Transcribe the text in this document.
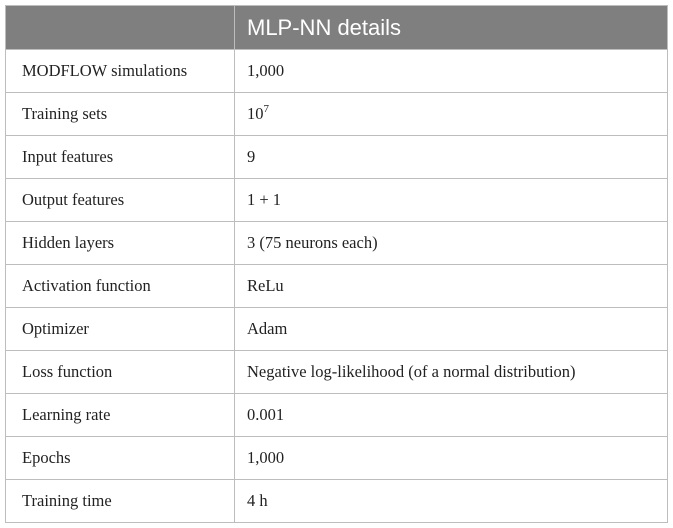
	MLP-NN details
MODFLOW simulations	1,000
Training sets	$10^7$
Input features	9
Output features	1 + 1
Hidden layers	3 (75 neurons each)
Activation function	ReLu
Optimizer	Adam
Loss function	Negative log-likelihood (of a normal distribution)
Learning rate	0.001
Epochs	1,000
Training time	4 h
